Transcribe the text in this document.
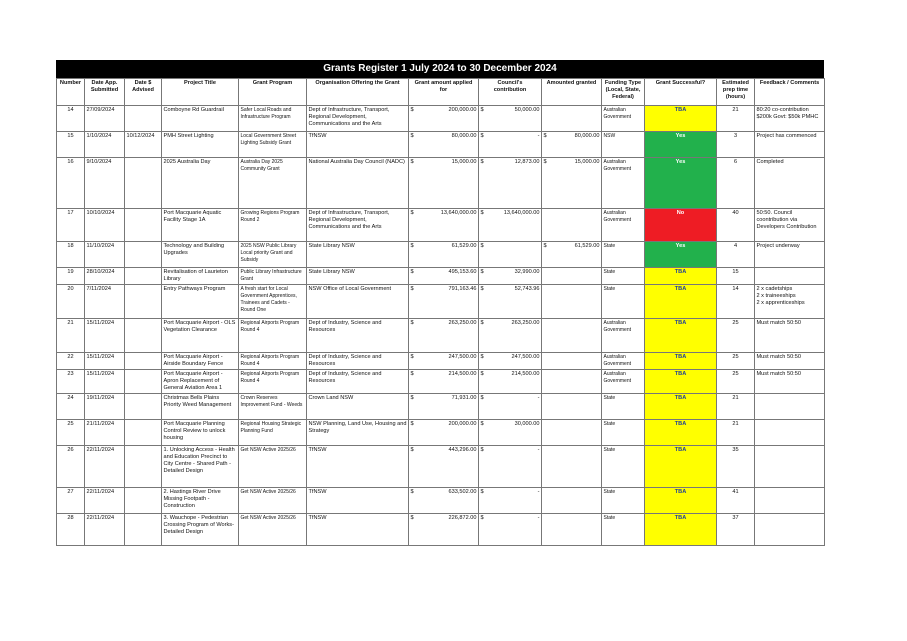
Grants Register 1 July 2024 to 30 December 2024
Number	Date App. Submitted	Date $ Advised	Project Title	Grant Program	Organisation Offering the Grant	Grant amount applied for	Council's contribution	Amounted granted	Funding Type (Local, State, Federal)	Grant Successful?	Estimated prep time (hours)	Feedback / Comments
14	27/09/2024		Comboyne Rd Guardrail	Safer Local Roads and Infrastructure Program	Dept of Infrastructure, Transport, Regional Development, Communications and the Arts	$ 200,000.00	$ 50,000.00		Australian Government	TBA	21	80:20 co-contribution $200k Govt: $50k PMHC
15	1/10/2024	10/12/2024	PMH Street Lighting	Local Government Street Lighting Subsidy Grant	TfNSW	$ 80,000.00	$ -	$ 80,000.00	NSW	Yes	3	Project has commenced
16	9/10/2024		2025 Australia Day	Australia Day 2025 Community Grant	National Australia Day Council (NADC)	$ 15,000.00	$ 12,873.00	$ 15,000.00	Australian Government	Yes	6	Completed
17	10/10/2024		Port Macquarie Aquatic Facility Stage 1A	Growing Regions Program Round 2	Dept of Infrastructure, Transport, Regional Development, Communications and the Arts	$ 13,640,000.00	$ 13,640,000.00		Australian Government	No	40	50:50. Council coontribution via Developers Contribution
18	11/10/2024		Technology and Building Upgrades	2025 NSW Public Library Local priority Grant and Subsidy	State Library NSW	$ 61,529.00	$	$ 61,529.00	State	Yes	4	Project underway
19	28/10/2024		Revitalisation of Laurieton Library	Public Library Infrastructure Grant	State Library NSW	$ 495,153.60	$ 32,990.00		State	TBA	15	
20	7/11/2024		Entry Pathways Program	A fresh start for Local Government Apprentices, Trainees and Cadets - Round One	NSW Office of Local Government	$ 791,163.46	$ 52,743.96		State	TBA	14	2 x cadetships
2 x traineeships
2 x apprenticeships
21	15/11/2024		Port Macquarie Airport - OLS Vegetation Clearance	Regional Airports Program Round 4	Dept of Industry, Science and Resources	$ 263,250.00	$ 263,250.00		Australian Government	TBA	25	Must match 50:50
22	15/11/2024		Port Macquarie Airport - Airside Boundary Fence	Regional Airports Program Round 4	Dept of Industry, Science and Resources	$ 247,500.00	$ 247,500.00		Australian Government	TBA	25	Must match 50:50
23	15/11/2024		Port Macquarie Airport - Apron Replacement of General Aviation Area 1	Regional Airports Program Round 4	Dept of Industry, Science and Resources	$ 214,500.00	$ 214,500.00		Australian Government	TBA	25	Must match 50:50
24	19/11/2024		Christmas Bells Plains Priority Weed Management	Crown Reserves Improvement Fund - Weeds	Crown Land NSW	$ 71,931.00	$ -		State	TBA	21	
25	21/11/2024		Port Macquarie Planning Control Review to unlock housing	Regional Housing Strategic Planning Fund	NSW Planning, Land Use, Housing and Strategy	$ 200,000.00	$ 30,000.00		State	TBA	21	
26	22/11/2024		1. Unlocking Access - Health and Education Precinct to City Centre - Shared Path - Detailed Design	Get NSW Active 2025/26	TfNSW	$ 443,296.00	$ -		State	TBA	35	
27	22/11/2024		2. Hastings River Drive Missing Footpath - Construction	Get NSW Active 2025/26	TfNSW	$ 633,502.00	$ -		State	TBA	41	
28	22/11/2024		3. Wauchope - Pedestrian Crossing Program of Works- Detailed Design	Get NSW Active 2025/26	TfNSW	$ 226,872.00	$ -		State	TBA	37	
